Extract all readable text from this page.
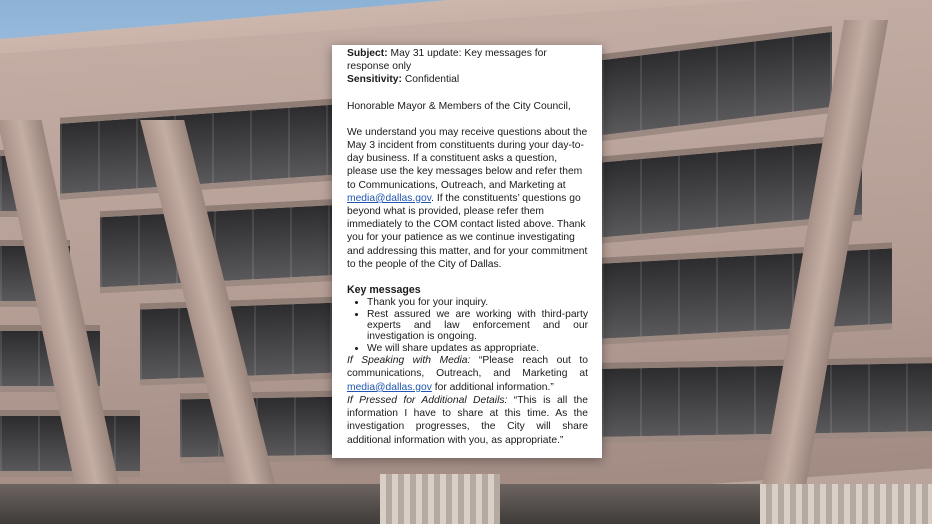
Subject: May 31 update: Key messages for response only

Sensitivity: Confidential

Honorable Mayor & Members of the City Council,

We understand you may receive questions about the May 3 incident from constituents during your day-to-day business. If a constituent asks a question, please use the key messages below and refer them to Communications, Outreach, and Marketing at media@dallas.gov. If the constituents’ questions go beyond what is provided, please refer them immediately to the COM contact listed above. Thank you for your patience as we continue investigating and addressing this matter, and for your commitment to the people of the City of Dallas.

Key messages

• Thank you for your inquiry.
• Rest assured we are working with third-party experts and law enforcement and our investigation is ongoing.
• We will share updates as appropriate.

If Speaking with Media: “Please reach out to communications, Outreach, and Marketing at media@dallas.gov for additional information.”

If Pressed for Additional Details: “This is all the information I have to share at this time. As the investigation progresses, the City will share additional information with you, as appropriate.”
